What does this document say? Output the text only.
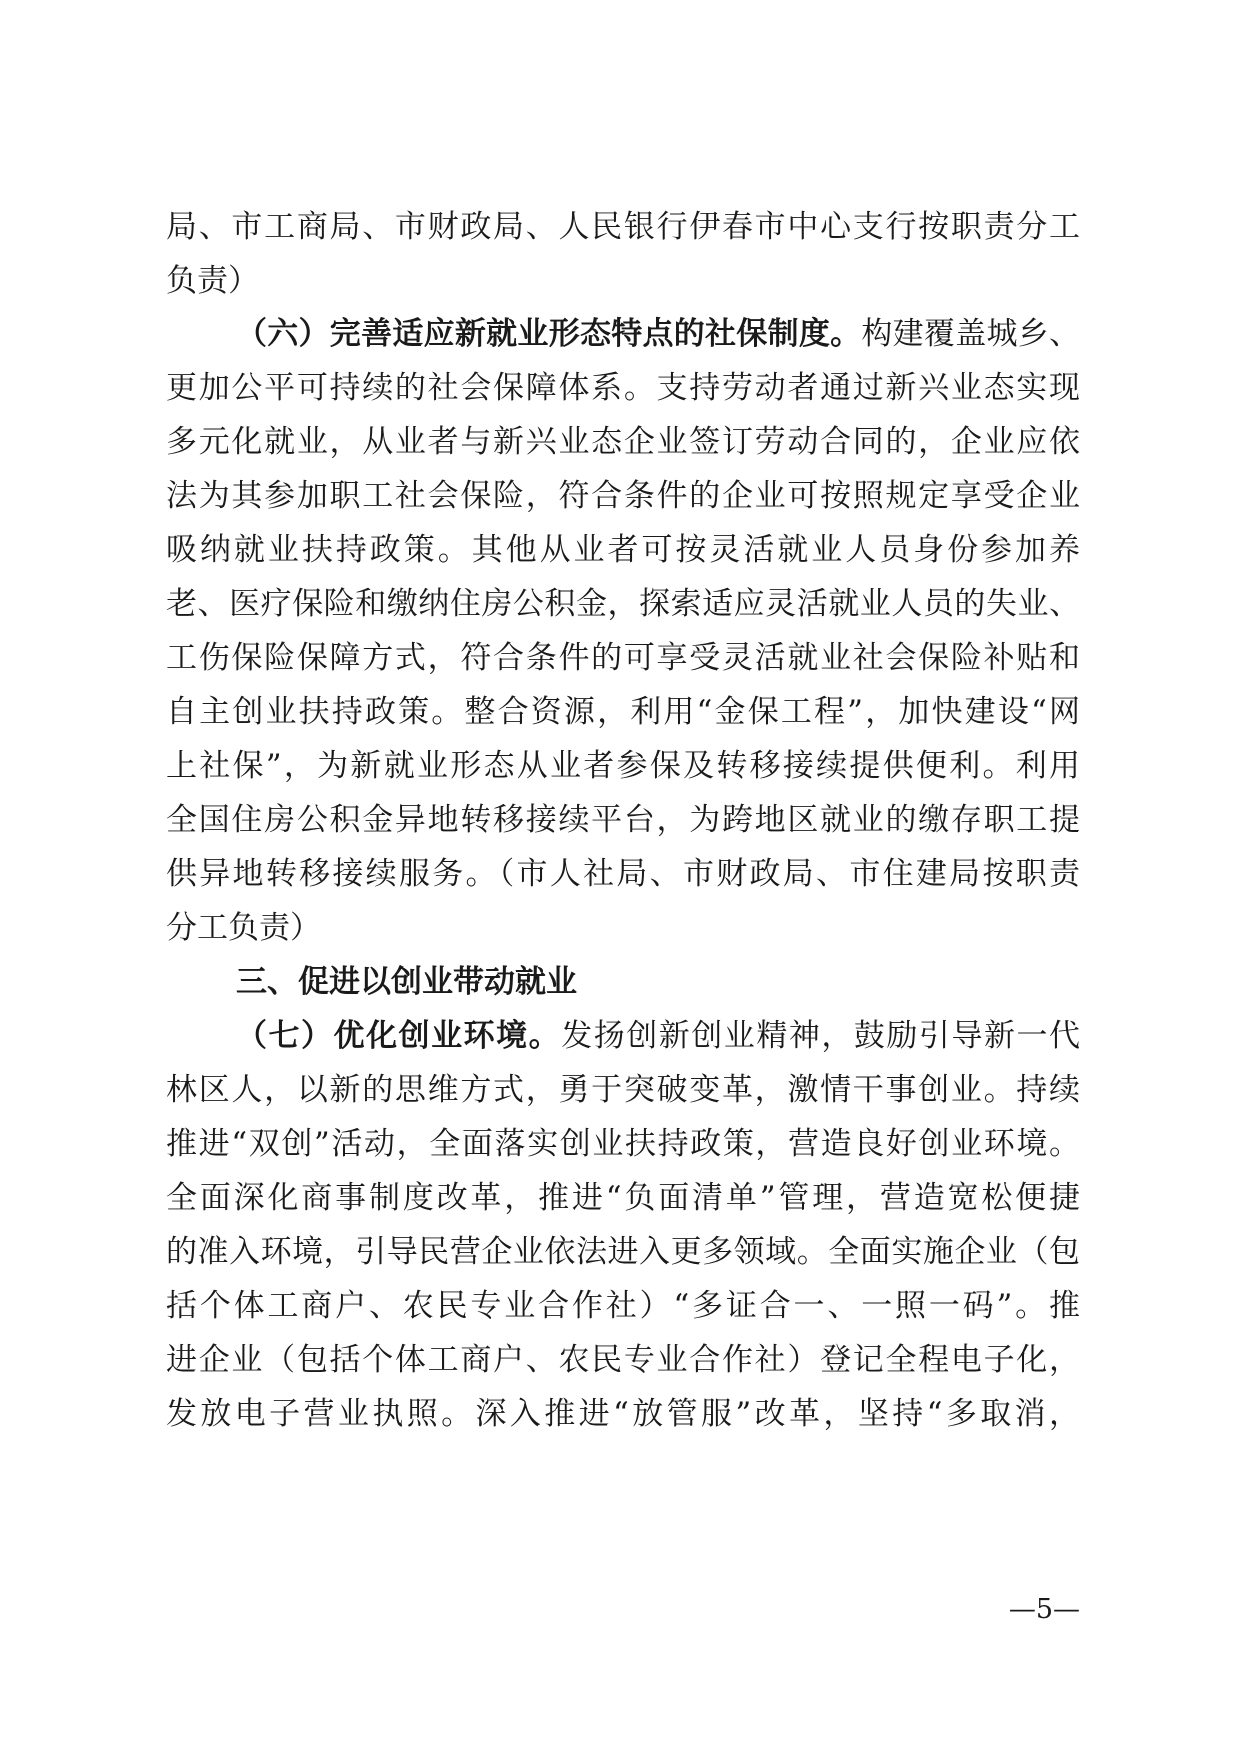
局、市工商局、市财政局、人民银行伊春市中心支行按职责分工
负责）
（六）完善适应新就业形态特点的社保制度。构建覆盖城乡、
更加公平可持续的社会保障体系。支持劳动者通过新兴业态实现
多元化就业，从业者与新兴业态企业签订劳动合同的，企业应依
法为其参加职工社会保险，符合条件的企业可按照规定享受企业
吸纳就业扶持政策。其他从业者可按灵活就业人员身份参加养
老、医疗保险和缴纳住房公积金，探索适应灵活就业人员的失业、
工伤保险保障方式，符合条件的可享受灵活就业社会保险补贴和
自主创业扶持政策。整合资源，利用“金保工程”，加快建设“网
上社保”，为新就业形态从业者参保及转移接续提供便利。利用
全国住房公积金异地转移接续平台，为跨地区就业的缴存职工提
供异地转移接续服务。（市人社局、市财政局、市住建局按职责
分工负责）
三、促进以创业带动就业
（七）优化创业环境。发扬创新创业精神，鼓励引导新一代
林区人，以新的思维方式，勇于突破变革，激情干事创业。持续
推进“双创”活动，全面落实创业扶持政策，营造良好创业环境。
全面深化商事制度改革，推进“负面清单”管理，营造宽松便捷
的准入环境，引导民营企业依法进入更多领域。全面实施企业（包
括个体工商户、农民专业合作社）“多证合一、一照一码”。推
进企业（包括个体工商户、农民专业合作社）登记全程电子化，
发放电子营业执照。深入推进“放管服”改革，坚持“多取消，
—5—
